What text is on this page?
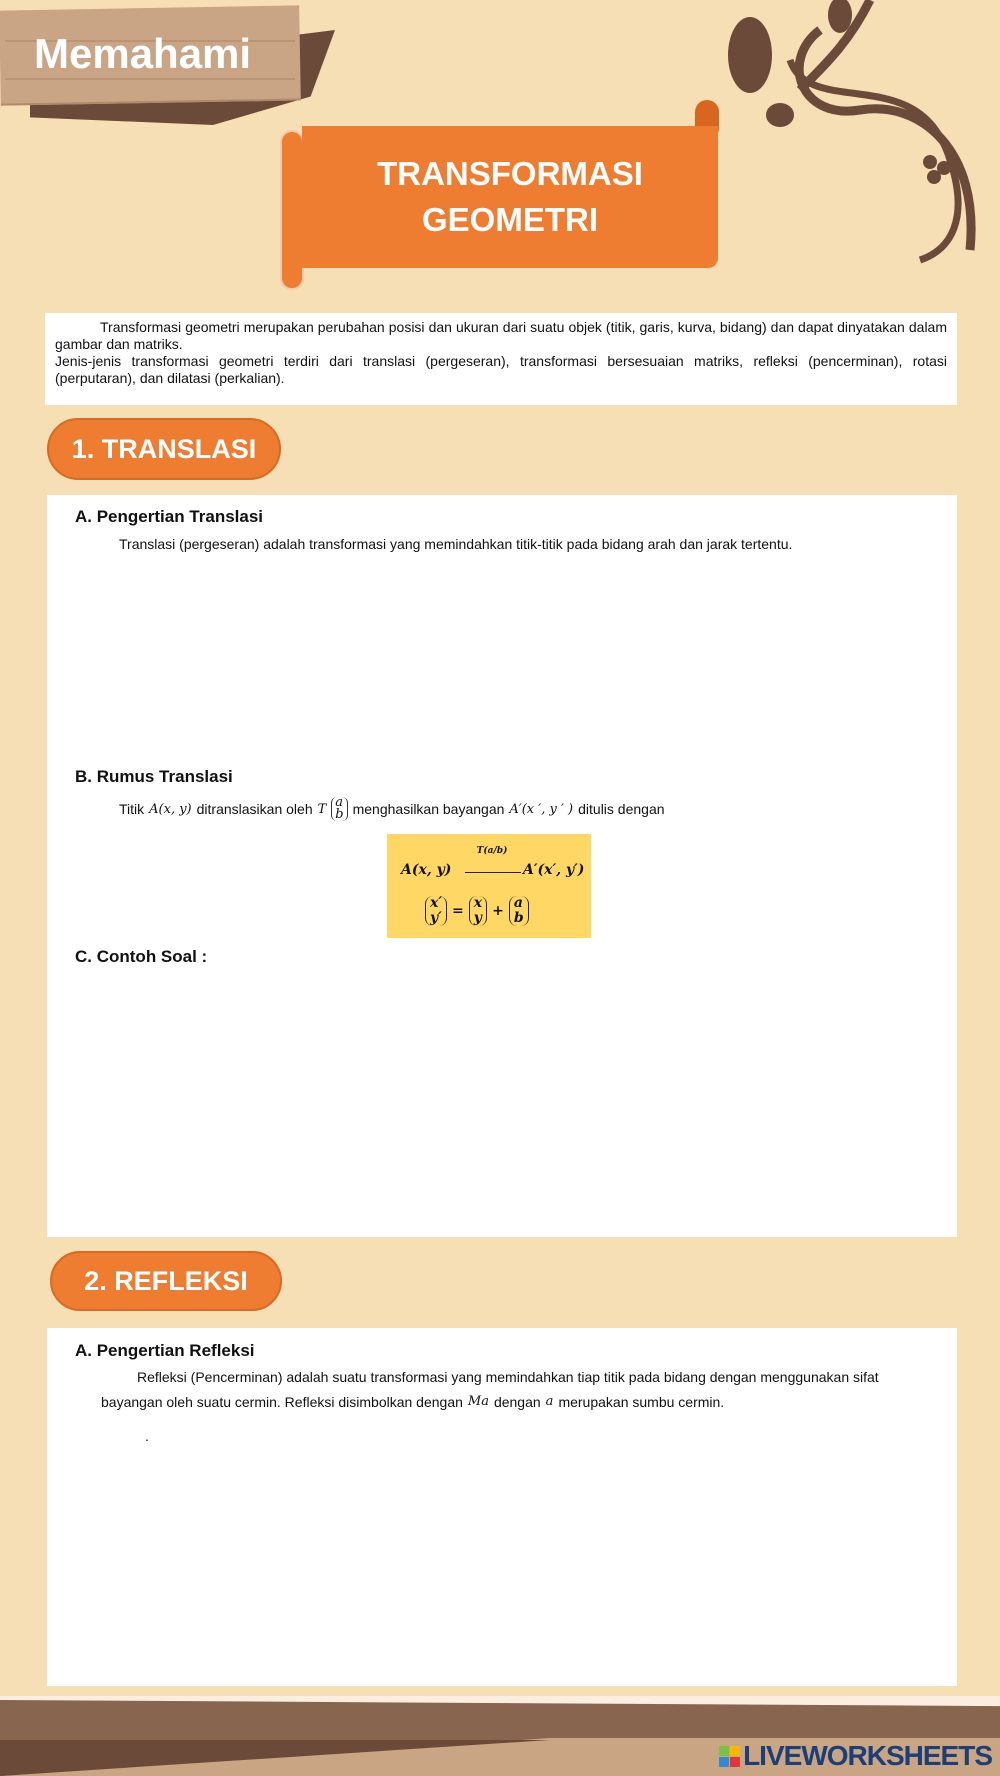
Memahami
TRANSFORMASI
GEOMETRI

Transformasi geometri merupakan perubahan posisi dan ukuran dari suatu objek (titik, garis, kurva, bidang) dan dapat dinyatakan dalam gambar dan matriks.

Jenis-jenis transformasi geometri terdiri dari translasi (pergeseran), transformasi bersesuaian matriks, refleksi (pencerminan), rotasi (perputaran), dan dilatasi (perkalian).

1. TRANSLASI
A. Pengertian Translasi
Translasi (pergeseran) adalah transformasi yang memindahkan titik-titik pada bidang arah dan jarak tertentu.
B. Rumus Translasi
Titik A(x, y) ditranslasikan oleh T a
b menghasilkan bayangan A′(x ′, y ′ ) ditulis dengan
A(x, y)
T(a/b)
A′(x′, y′)
x′
y′ = x
y + a
b
C. Contoh Soal :
2. REFLEKSI
A. Pengertian Refleksi
Refleksi (Pencerminan) adalah suatu transformasi yang memindahkan tiap titik pada bidang dengan menggunakan sifat
bayangan oleh suatu cermin. Refleksi disimbolkan dengan Ma dengan a merupakan sumbu cermin.
.
LIVEWORKSHEETS
